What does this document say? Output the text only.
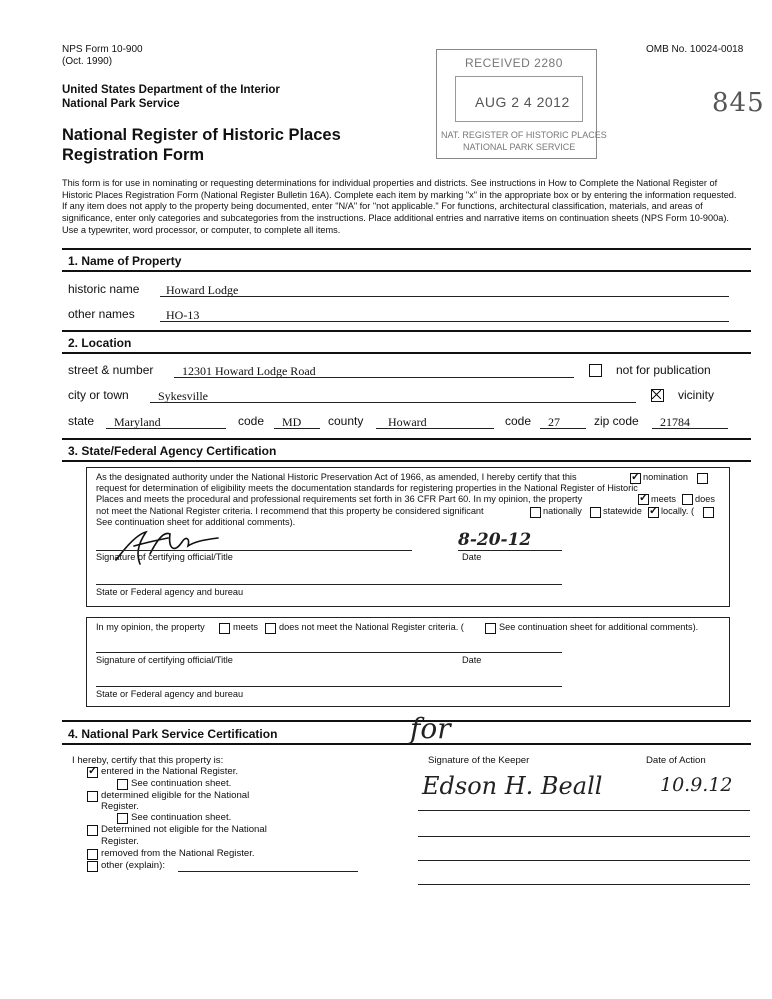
NPS Form 10-900
(Oct. 1990)
OMB No. 10024-0018
United States Department of the Interior
National Park Service
National Register of Historic Places
Registration Form
845
RECEIVED 2280
AUG 2 4 2012
NAT. REGISTER OF HISTORIC PLACES
NATIONAL PARK SERVICE
This form is for use in nominating or requesting determinations for individual properties and districts. See instructions in How to Complete the National Register of Historic Places Registration Form (National Register Bulletin 16A). Complete each item by marking "x" in the appropriate box or by entering the information requested. If any item does not apply to the property being documented, enter "N/A" for "not applicable." For functions, architectural classification, materials, and areas of significance, enter only categories and subcategories from the instructions. Place additional entries and narrative items on continuation sheets (NPS Form 10-900a). Use a typewriter, word processor, or computer, to complete all items.
1. Name of Property
historic name Howard Lodge
other names	HO-13
2. Location
street & number 12301 Howard Lodge Road	not for publication
city or town Sykesville	vicinity
state Maryland	code MD county Howard	code 27	zip code 21784
3. State/Federal Agency Certification
As the designated authority under the National Historic Preservation Act of 1966, as amended, I hereby certify that this ✓	nomination
request for determination of eligibility meets the documentation standards for registering properties in the National Register of Historic
Places and meets the procedural and professional requirements set forth in 36 CFR Part 60. In my opinion, the property ✓	meets does
not meet the National Register criteria. I recommend that this property be considered significant	nationally statewide ✓ locally. (
See continuation sheet for additional comments).
Signature of certifying official/Title	Date
8-20-12
State or Federal agency and bureau
In my opinion, the property	meets does not meet the National Register criteria. (	See continuation sheet for additional comments).
Signature of certifying official/Title	Date
State or Federal agency and bureau
4. National Park Service Certification
I hereby, certify that this property is:
✓
entered in the National Register.
See continuation sheet.
determined eligible for the National
Register.
See continuation sheet.
Determined not eligible for the National
Register.
removed from the National Register.
other (explain):
for
Signature of the Keeper	Date of Action
Edson H. Beall	10.9.12
